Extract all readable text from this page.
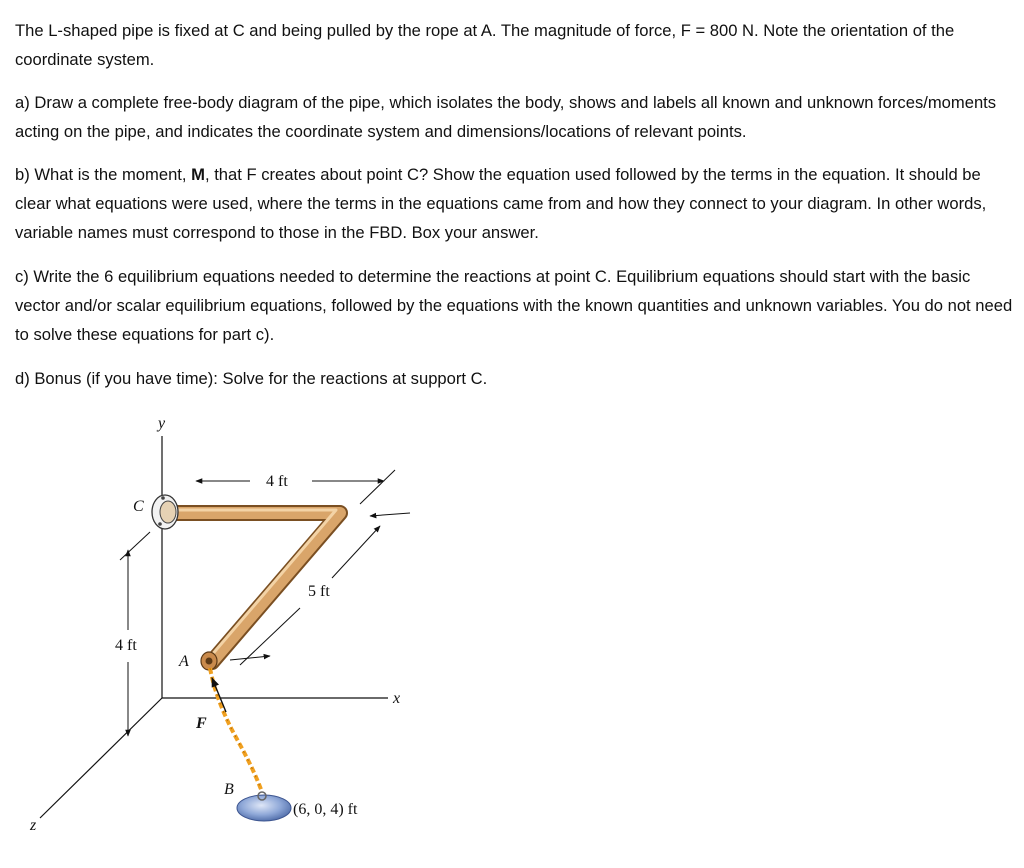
The L-shaped pipe is fixed at C and being pulled by the rope at A. The magnitude of force, F = 800 N. Note the orientation of the coordinate system.

a) Draw a complete free-body diagram of the pipe, which isolates the body, shows and labels all known and unknown forces/moments acting on the pipe, and indicates the coordinate system and dimensions/locations of relevant points.

b) What is the moment, M, that F creates about point C? Show the equation used followed by the terms in the equation. It should be clear what equations were used, where the terms in the equations came from and how they connect to your diagram. In other words, variable names must correspond to those in the FBD. Box your answer.

c) Write the 6 equilibrium equations needed to determine the reactions at point C. Equilibrium equations should start with the basic vector and/or scalar equilibrium equations, followed by the equations with the known quantities and unknown variables. You do not need to solve these equations for part c).

d) Bonus (if you have time): Solve for the reactions at support C.

y
x
z
4 ft
5 ft
4 ft
C
F
A
B
(6, 0, 4) ft
